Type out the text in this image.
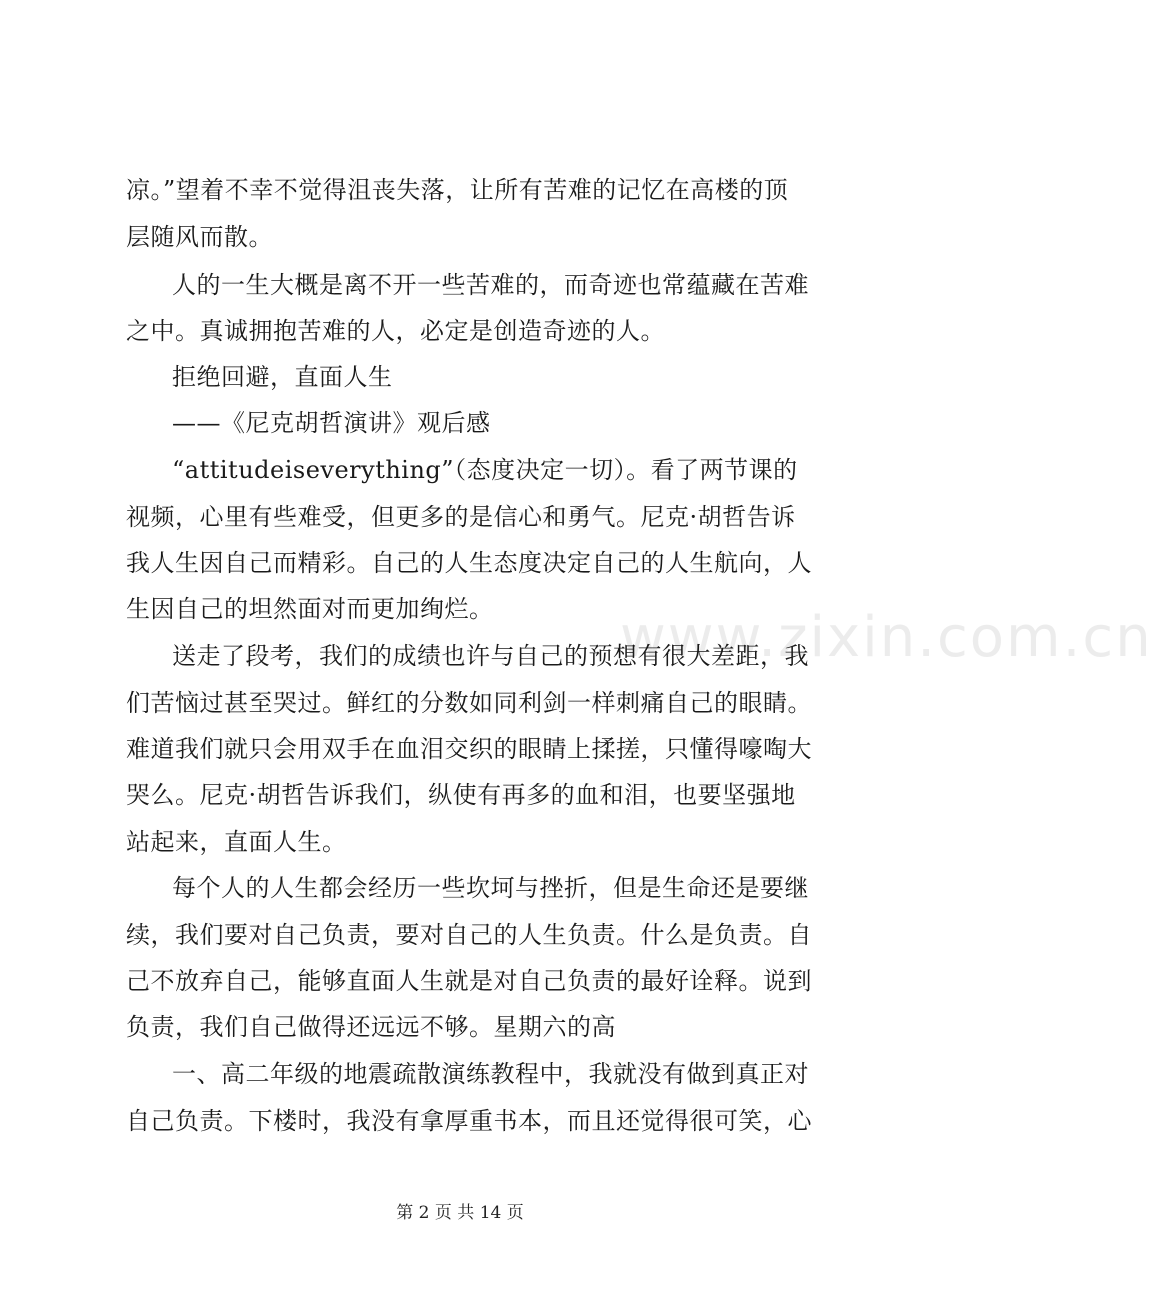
www.zixin.com.cn
凉。”望着不幸不觉得沮丧失落，让所有苦难的记忆在高楼的顶
层随风而散。
人的一生大概是离不开一些苦难的，而奇迹也常蕴藏在苦难
之中。真诚拥抱苦难的人，必定是创造奇迹的人。
拒绝回避，直面人生
——《尼克胡哲演讲》观后感
“attitudeiseverything”（态度决定一切）。看了两节课的
视频，心里有些难受，但更多的是信心和勇气。尼克·胡哲告诉
我人生因自己而精彩。自己的人生态度决定自己的人生航向，人
生因自己的坦然面对而更加绚烂。
送走了段考，我们的成绩也许与自己的预想有很大差距，我
们苦恼过甚至哭过。鲜红的分数如同利剑一样刺痛自己的眼睛。
难道我们就只会用双手在血泪交织的眼睛上揉搓，只懂得嚎啕大
哭么。尼克·胡哲告诉我们，纵使有再多的血和泪，也要坚强地
站起来，直面人生。
每个人的人生都会经历一些坎坷与挫折，但是生命还是要继
续，我们要对自己负责，要对自己的人生负责。什么是负责。自
己不放弃自己，能够直面人生就是对自己负责的最好诠释。说到
负责，我们自己做得还远远不够。星期六的高
一、高二年级的地震疏散演练教程中，我就没有做到真正对
自己负责。下楼时，我没有拿厚重书本，而且还觉得很可笑，心
第 2 页 共 14 页
